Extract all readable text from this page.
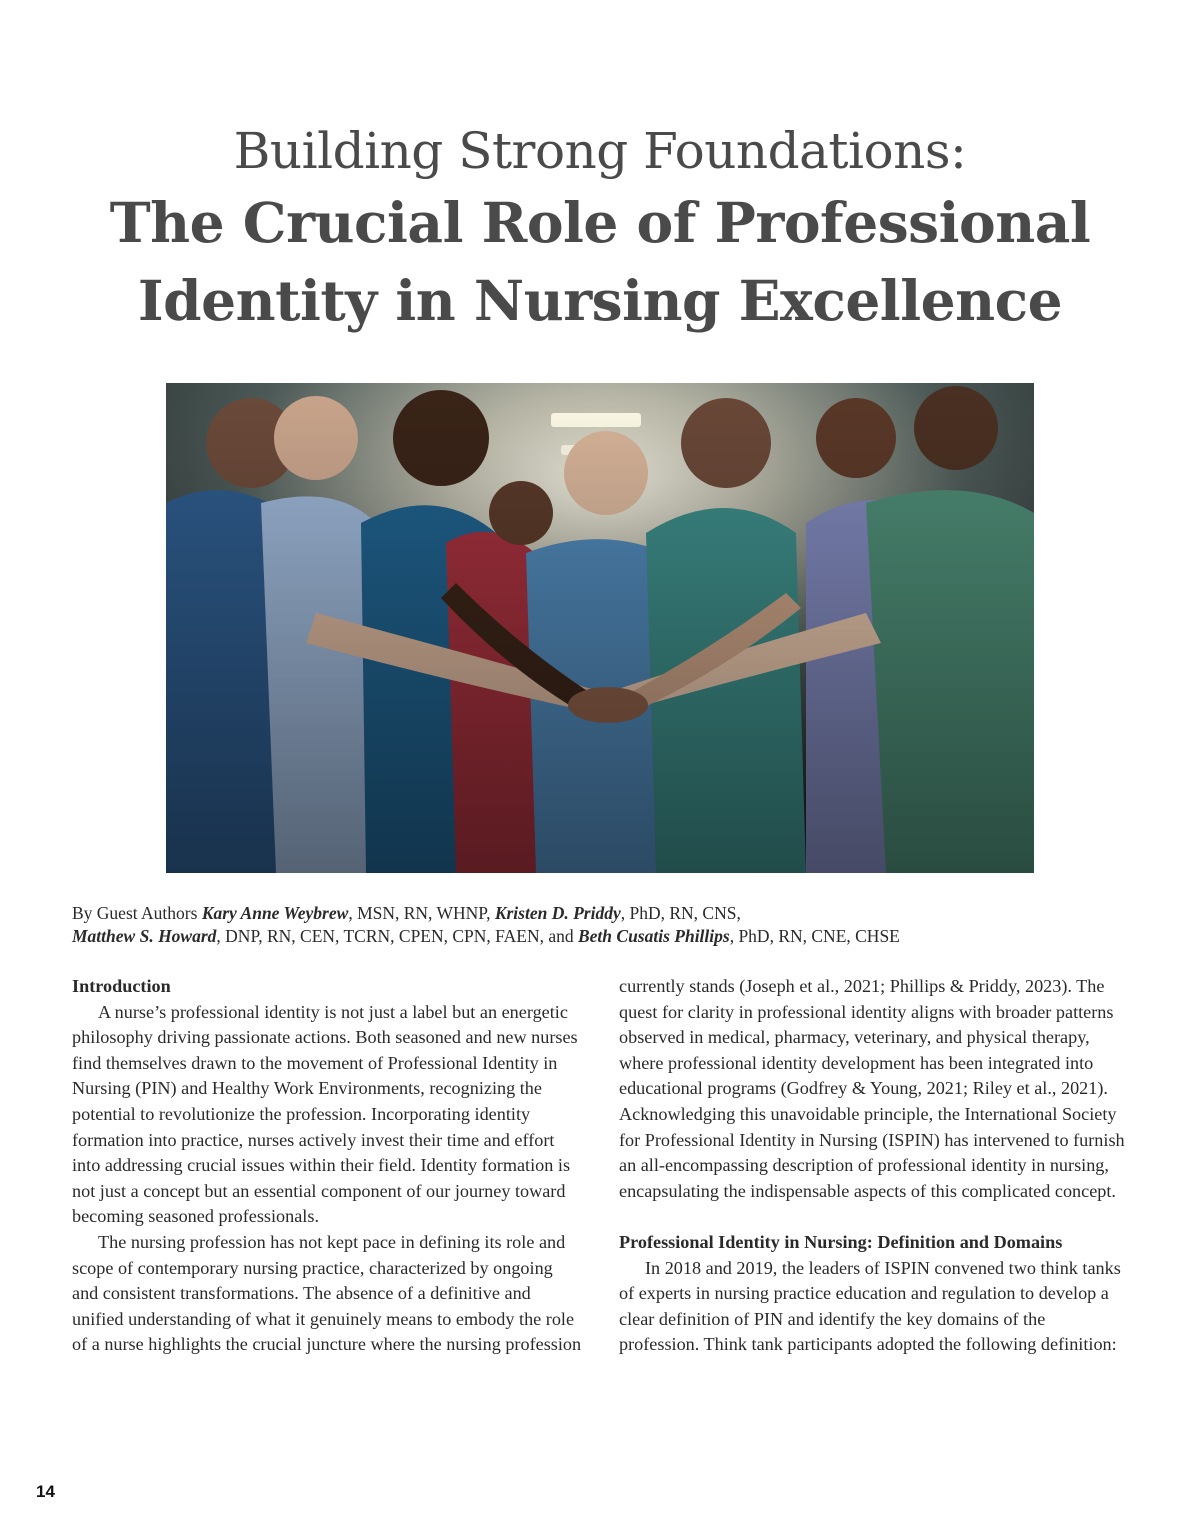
Building Strong Foundations:
The Crucial Role of Professional
Identity in Nursing Excellence
By Guest Authors Kary Anne Weybrew, MSN, RN, WHNP, Kristen D. Priddy, PhD, RN, CNS,
Matthew S. Howard, DNP, RN, CEN, TCRN, CPEN, CPN, FAEN, and Beth Cusatis Phillips, PhD, RN, CNE, CHSE

Introduction

A nurse’s professional identity is not just a label but an energetic philosophy driving passionate actions. Both seasoned and new nurses find themselves drawn to the movement of Professional Identity in Nursing (PIN) and Healthy Work Environments, recognizing the potential to revolutionize the profession. Incorporating identity formation into practice, nurses actively invest their time and effort into addressing crucial issues within their field. Identity formation is not just a concept but an essential component of our journey toward becoming seasoned professionals.

The nursing profession has not kept pace in defining its role and scope of contemporary nursing practice, characterized by ongoing and consistent transformations. The absence of a definitive and unified understanding of what it genuinely means to embody the role of a nurse highlights the crucial juncture where the nursing profession

currently stands (Joseph et al., 2021; Phillips & Priddy, 2023). The quest for clarity in professional identity aligns with broader patterns observed in medical, pharmacy, veterinary, and physical therapy, where professional identity development has been integrated into educational programs (Godfrey & Young, 2021; Riley et al., 2021). Acknowledging this unavoidable principle, the International Society for Professional Identity in Nursing (ISPIN) has intervened to furnish an all-encompassing description of professional identity in nursing, encapsulating the indispensable aspects of this complicated concept.

Professional Identity in Nursing: Definition and Domains

In 2018 and 2019, the leaders of ISPIN convened two think tanks of experts in nursing practice education and regulation to develop a clear definition of PIN and identify the key domains of the profession. Think tank participants adopted the following definition:

14
